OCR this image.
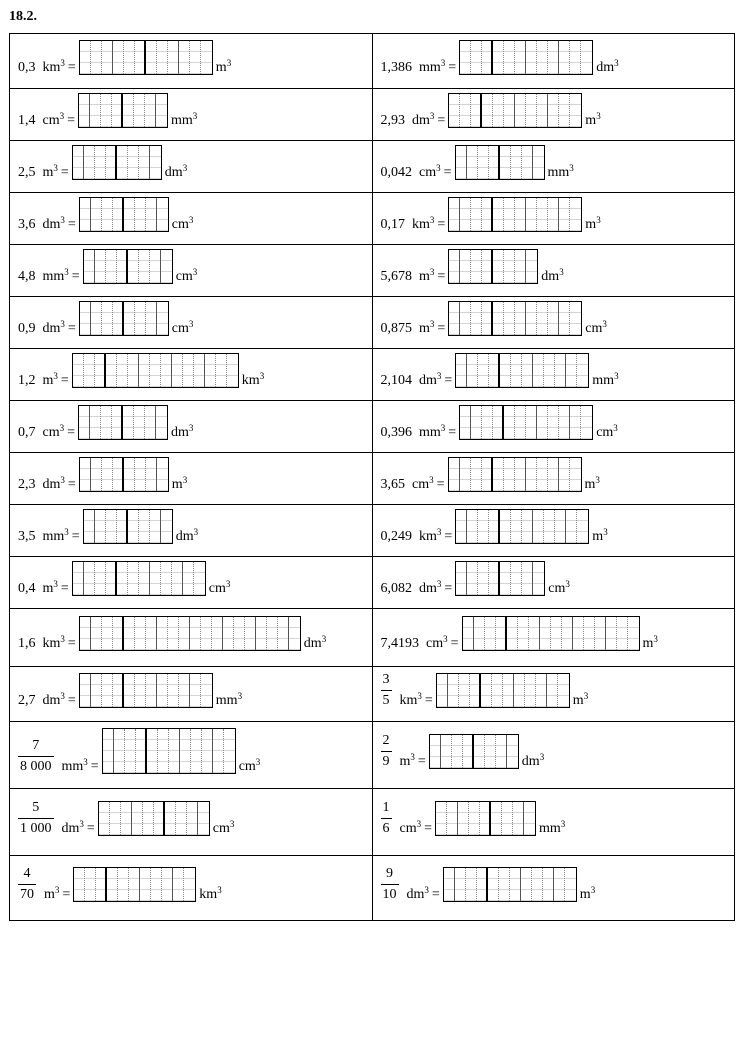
18.2.
0,3 $km^3 = m^3$	1,386 $mm^3 = dm^3$

1,4 $cm^3 = mm^3$	2,93 $dm^3 = m^3$

2,5 $m^3 = dm^3$	0,042 $cm^3 = mm^3$

3,6 $dm^3 = cm^3$	0,17 $km^3 = m^3$

4,8 $mm^3 = cm^3$	5,678 $m^3 = dm^3$

0,9 $dm^3 = cm^3$	0,875 $m^3 = cm^3$

1,2 $m^3 = km^3$	2,104 $dm^3 = mm^3$

0,7 $cm^3 = dm^3$	0,396 $mm^3 = cm^3$

2,3 $dm^3 = m^3$	3,65 $cm^3 = m^3$

3,5 $mm^3 = dm^3$	0,249 $km^3 = m^3$

0,4 $m^3 = cm^3$	6,082 $dm^3 = cm^3$

1,6 $km^3 = dm^3$	7,4193 $cm^3 = m^3$

2,7 $dm^3 = mm^3$	$\frac{3}{5} km^3 = m^3$

$\frac{7}{8 000} mm^3 = cm^3$	$\frac{2}{9} m^3 = dm^3$

$\frac{5}{1 000} dm^3 = cm^3$	$\frac{1}{6} cm^3 = mm^3$

$\frac{4}{70} m^3 = km^3$	$\frac{9}{10} dm^3 = m^3$
